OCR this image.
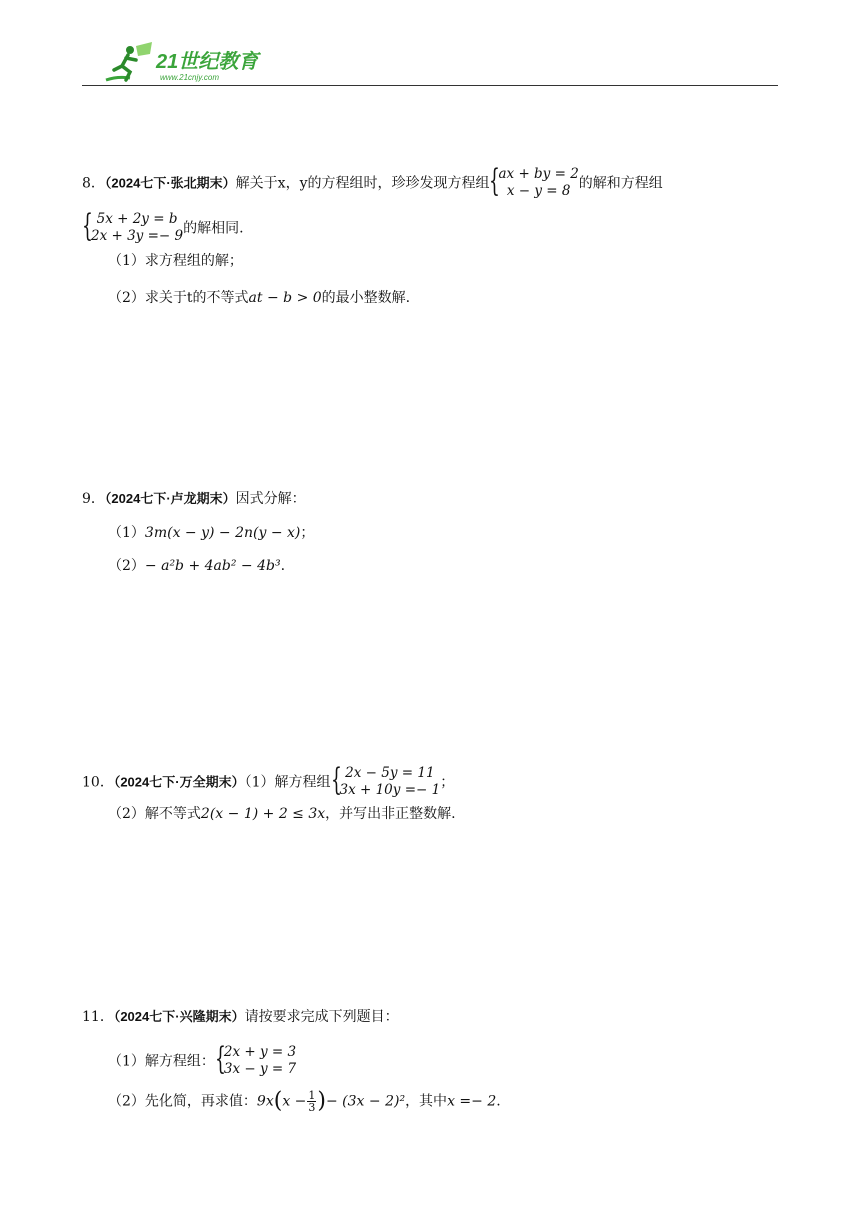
21世纪教育
www.21cnjy.com
8．（2024七下·张北期末）解关于x，y的方程组时，珍珍发现方程组 {
ax + by = 2
x − y = 8 的解和方程组
{ 5x + 2y = b
2x + 3y =− 9 的解相同.
（1）求方程组的解；
（2）求关于t的不等式at − b > 0的最小整数解.
9．（2024七下·卢龙期末）因式分解：
（1）3m(x − y) − 2n(y − x)；
（2）− a²b + 4ab² − 4b³.
10．（2024七下·万全期末）（1）解方程组 { 2x − 5y = 11
3x + 10y =− 1 ；
（2）解不等式2(x − 1) + 2 ≤ 3x，并写出非正整数解.
11．（2024七下·兴隆期末）请按要求完成下列题目：
（1）解方程组： {
2x + y = 3
3x − y = 7
（2）先化简，再求值：$9x(x - \frac{1}{3}$ )− (3x − 2)²，其中x =− 2.
